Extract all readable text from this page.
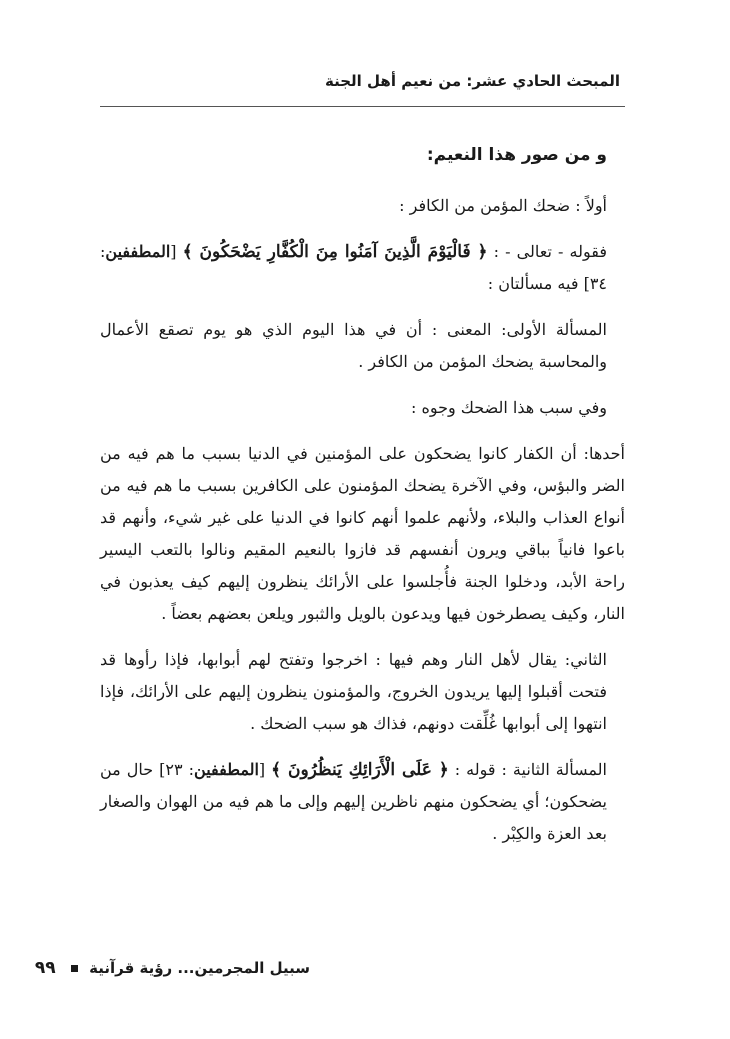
المبحث الحادي عشر: من نعيم أهل الجنة
و من صور هذا النعيم:

أولاً : ضحك المؤمن من الكافر :

فقوله - تعالى - : ﴿ فَالْيَوْمَ الَّذِينَ آمَنُوا مِنَ الْكُفَّارِ يَضْحَكُونَ ﴾ [المطففين: ٣٤] فيه مسألتان :

المسألة الأولى: المعنى : أن في هذا اليوم الذي هو يوم تصقع الأعمال والمحاسبة يضحك المؤمن من الكافر .

وفي سبب هذا الضحك وجوه :

أحدها: أن الكفار كانوا يضحكون على المؤمنين في الدنيا بسبب ما هم فيه من الضر والبؤس، وفي الآخرة يضحك المؤمنون على الكافرين بسبب ما هم فيه من أنواع العذاب والبلاء، ولأنهم علموا أنهم كانوا في الدنيا على غير شيء، وأنهم قد باعوا فانياً بباقي ويرون أنفسهم قد فازوا بالنعيم المقيم ونالوا بالتعب اليسير راحة الأبد، ودخلوا الجنة فأُجلسوا على الأرائك ينظرون إليهم كيف يعذبون في النار، وكيف يصطرخون فيها ويدعون بالويل والثبور ويلعن بعضهم بعضاً .

الثاني: يقال لأهل النار وهم فيها : اخرجوا وتفتح لهم أبوابها، فإذا رأوها قد فتحت أقبلوا إليها يريدون الخروج، والمؤمنون ينظرون إليهم على الأرائك، فإذا انتهوا إلى أبوابها غُلِّقت دونهم، فذاك هو سبب الضحك .

المسألة الثانية : قوله : ﴿ عَلَى الْأَرَائِكِ يَنظُرُونَ ﴾ [المطففين: ٢٣] حال من يضحكون؛ أي يضحكون منهم ناظرين إليهم وإلى ما هم فيه من الهوان والصغار بعد العزة والكِبْر .

سبيل المجرمين... رؤية قرآنية  ٩٩
